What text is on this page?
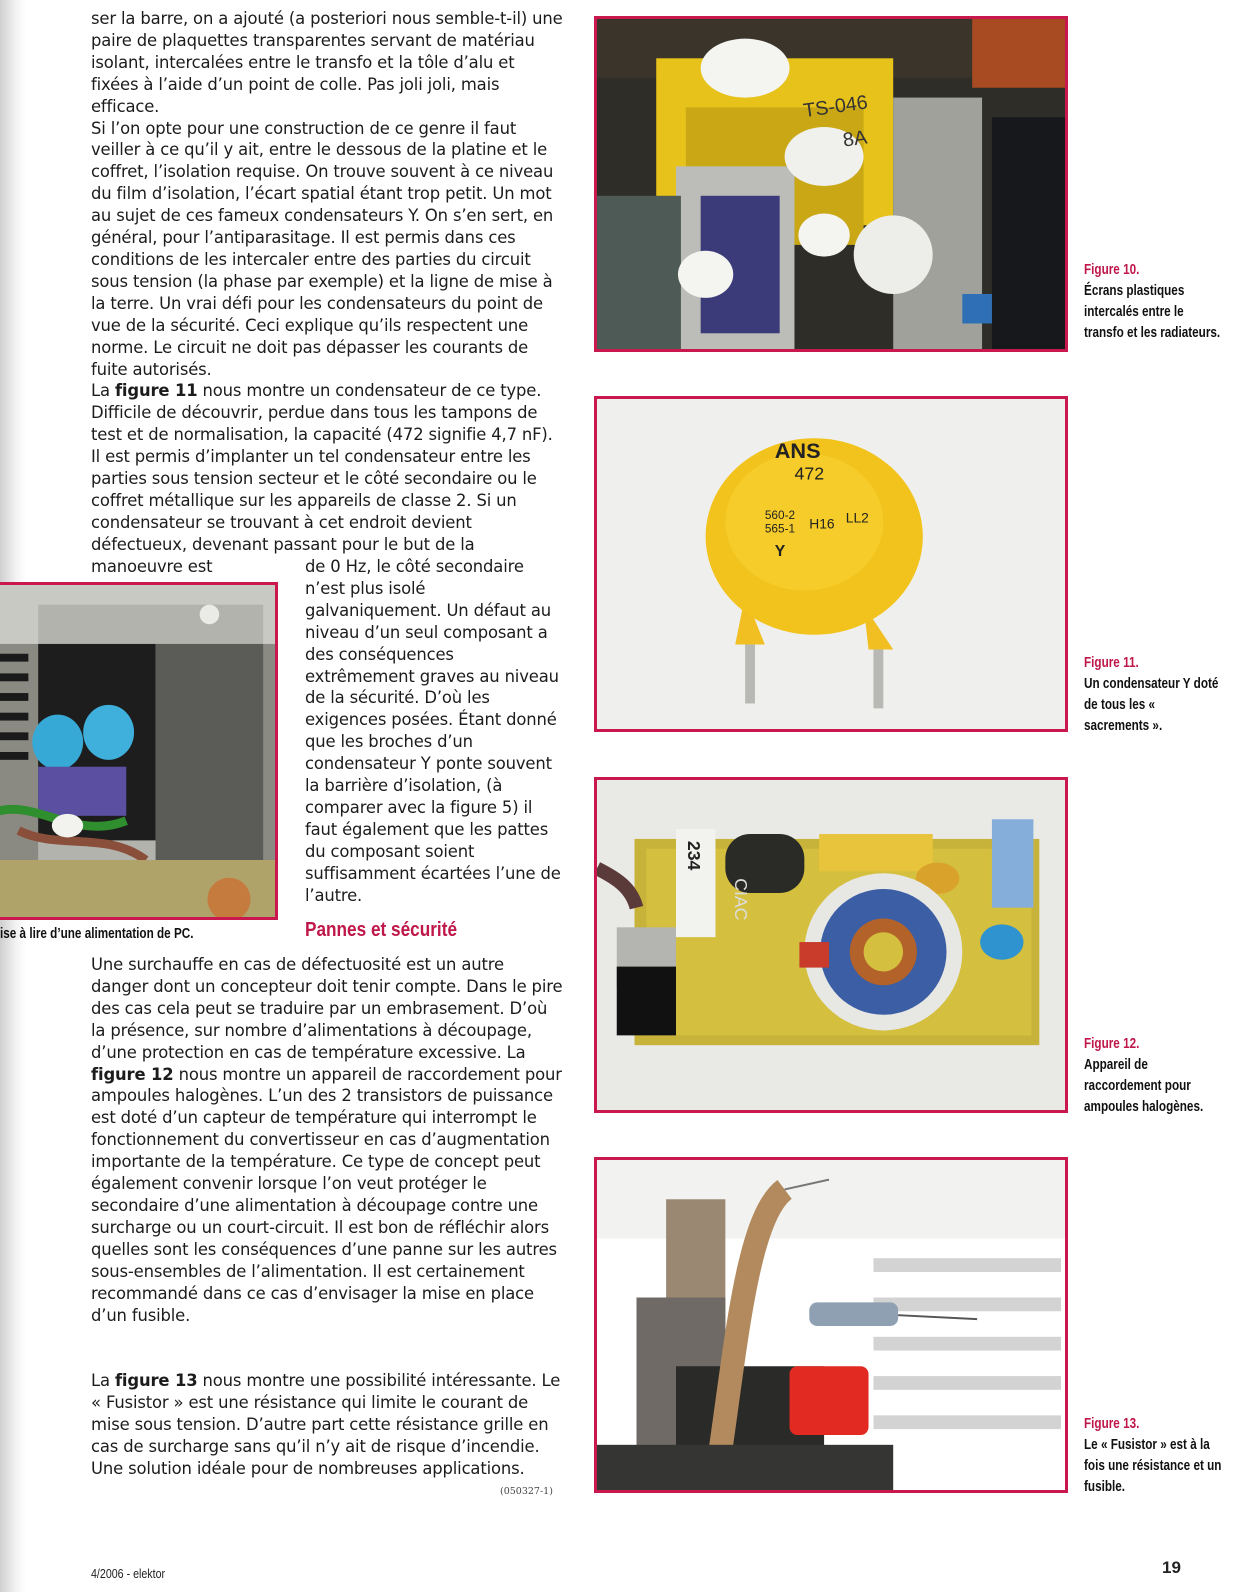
ser la barre, on a ajouté (a posteriori nous semble-t-il) une paire de plaquettes transparentes servant de matériau isolant, intercalées entre le transfo et la tôle d’alu et fixées à l’aide d’un point de colle. Pas joli joli, mais efficace.

Si l’on opte pour une construction de ce genre il faut veiller à ce qu’il y ait, entre le dessous de la platine et le coffret, l’isolation requise. On trouve souvent à ce niveau du film d’isolation, l’écart spatial étant trop petit. Un mot au sujet de ces fameux condensateurs Y. On s’en sert, en général, pour l’antiparasitage. Il est permis dans ces conditions de les intercaler entre des parties du circuit sous tension (la phase par exemple) et la ligne de mise à la terre. Un vrai défi pour les condensateurs du point de vue de la sécurité. Ceci explique qu’ils respectent une norme. Le circuit ne doit pas dépasser les courants de fuite autorisés.

La figure 11 nous montre un condensateur de ce type. Difficile de découvrir, perdue dans tous les tampons de test et de normalisation, la capacité (472 signifie 4,7 nF). Il est permis d’implanter un tel condensateur entre les parties sous tension secteur et le côté secondaire ou le coffret métallique sur les appareils de classe 2. Si un condensateur se trouvant à cet endroit devient défectueux, devenant passant pour le but de la manoeuvre est	de 0 Hz, le côté secondaire n’est plus isolé galvaniquement. Un défaut au niveau d’un seul composant a des conséquences extrêmement graves au niveau de la sécurité. D’où les exigences posées. Étant donné que les broches d’un condensateur Y ponte souvent la barrière d’isolation, (à comparer avec la figure 5) il faut également que les pattes du composant soient suffisamment écartées l’une de l’autre.

Pannes et sécurité

Une surchauffe en cas de défectuosité est un autre danger dont un concepteur doit tenir compte. Dans le pire des cas cela peut se traduire par un embrasement. D’où la présence, sur nombre d’alimentations à découpage, d’une protection en cas de température excessive. La figure 12 nous montre un appareil de raccordement pour ampoules halogènes. L’un des 2 transistors de puissance est doté d’un capteur de température qui interrompt le fonctionnement du convertisseur en cas d’augmentation importante de la température. Ce type de concept peut également convenir lorsque l’on veut protéger le secondaire d’une alimentation à découpage contre une surcharge ou un court-circuit. Il est bon de réfléchir alors quelles sont les conséquences d’une panne sur les autres sous-ensembles de l’alimentation. Il est certainement recommandé dans ce cas d’envisager la mise en place d’un fusible.

La figure 13 nous montre une possibilité intéressante. Le « Fusistor » est une résistance qui limite le courant de mise sous tension. D’autre part cette résistance grille en cas de surcharge sans qu’il n’y ait de risque d’incendie. Une solution idéale pour de nombreuses applications.

(050327-1)
ise à lire d’une alimentation de PC.
TS-046
8A
ANS
472
560-2
565-1 H16 LL2
Y
CIAC
234
Figure 10.
Écrans plastiques intercalés entre le transfo et les radiateurs.
Figure 11.
Un condensateur Y doté de tous les « sacrements ».
Figure 12.
Appareil de raccordement pour ampoules halogènes.
Figure 13.
Le « Fusistor » est à la fois une résistance et un fusible.
4/2006 - elektor	19
